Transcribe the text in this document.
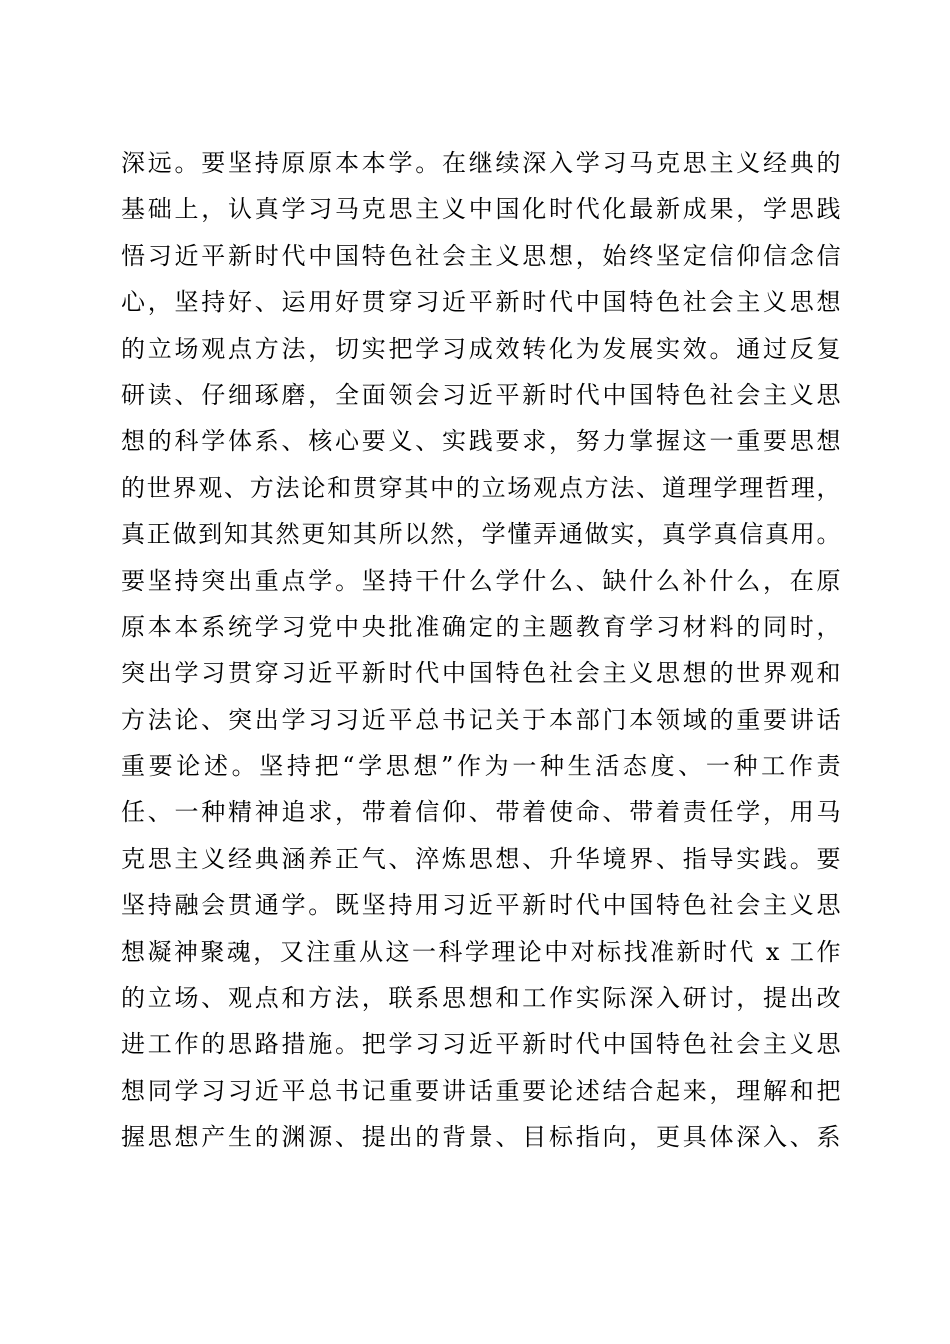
深远。要坚持原原本本学。在继续深入学习马克思主义经典的
基础上，认真学习马克思主义中国化时代化最新成果，学思践
悟习近平新时代中国特色社会主义思想，始终坚定信仰信念信
心，坚持好、运用好贯穿习近平新时代中国特色社会主义思想
的立场观点方法，切实把学习成效转化为发展实效。通过反复
研读、仔细琢磨，全面领会习近平新时代中国特色社会主义思
想的科学体系、核心要义、实践要求，努力掌握这一重要思想
的世界观、方法论和贯穿其中的立场观点方法、道理学理哲理，
真正做到知其然更知其所以然，学懂弄通做实，真学真信真用。
要坚持突出重点学。坚持干什么学什么、缺什么补什么，在原
原本本系统学习党中央批准确定的主题教育学习材料的同时，
突出学习贯穿习近平新时代中国特色社会主义思想的世界观和
方法论、突出学习习近平总书记关于本部门本领域的重要讲话
重要论述。坚持把“学思想”作为一种生活态度、一种工作责
任、一种精神追求，带着信仰、带着使命、带着责任学，用马
克思主义经典涵养正气、淬炼思想、升华境界、指导实践。要
坚持融会贯通学。既坚持用习近平新时代中国特色社会主义思
想凝神聚魂，又注重从这一科学理论中对标找准新时代 x 工作
的立场、观点和方法，联系思想和工作实际深入研讨，提出改
进工作的思路措施。把学习习近平新时代中国特色社会主义思
想同学习习近平总书记重要讲话重要论述结合起来，理解和把
握思想产生的渊源、提出的背景、目标指向，更具体深入、系
